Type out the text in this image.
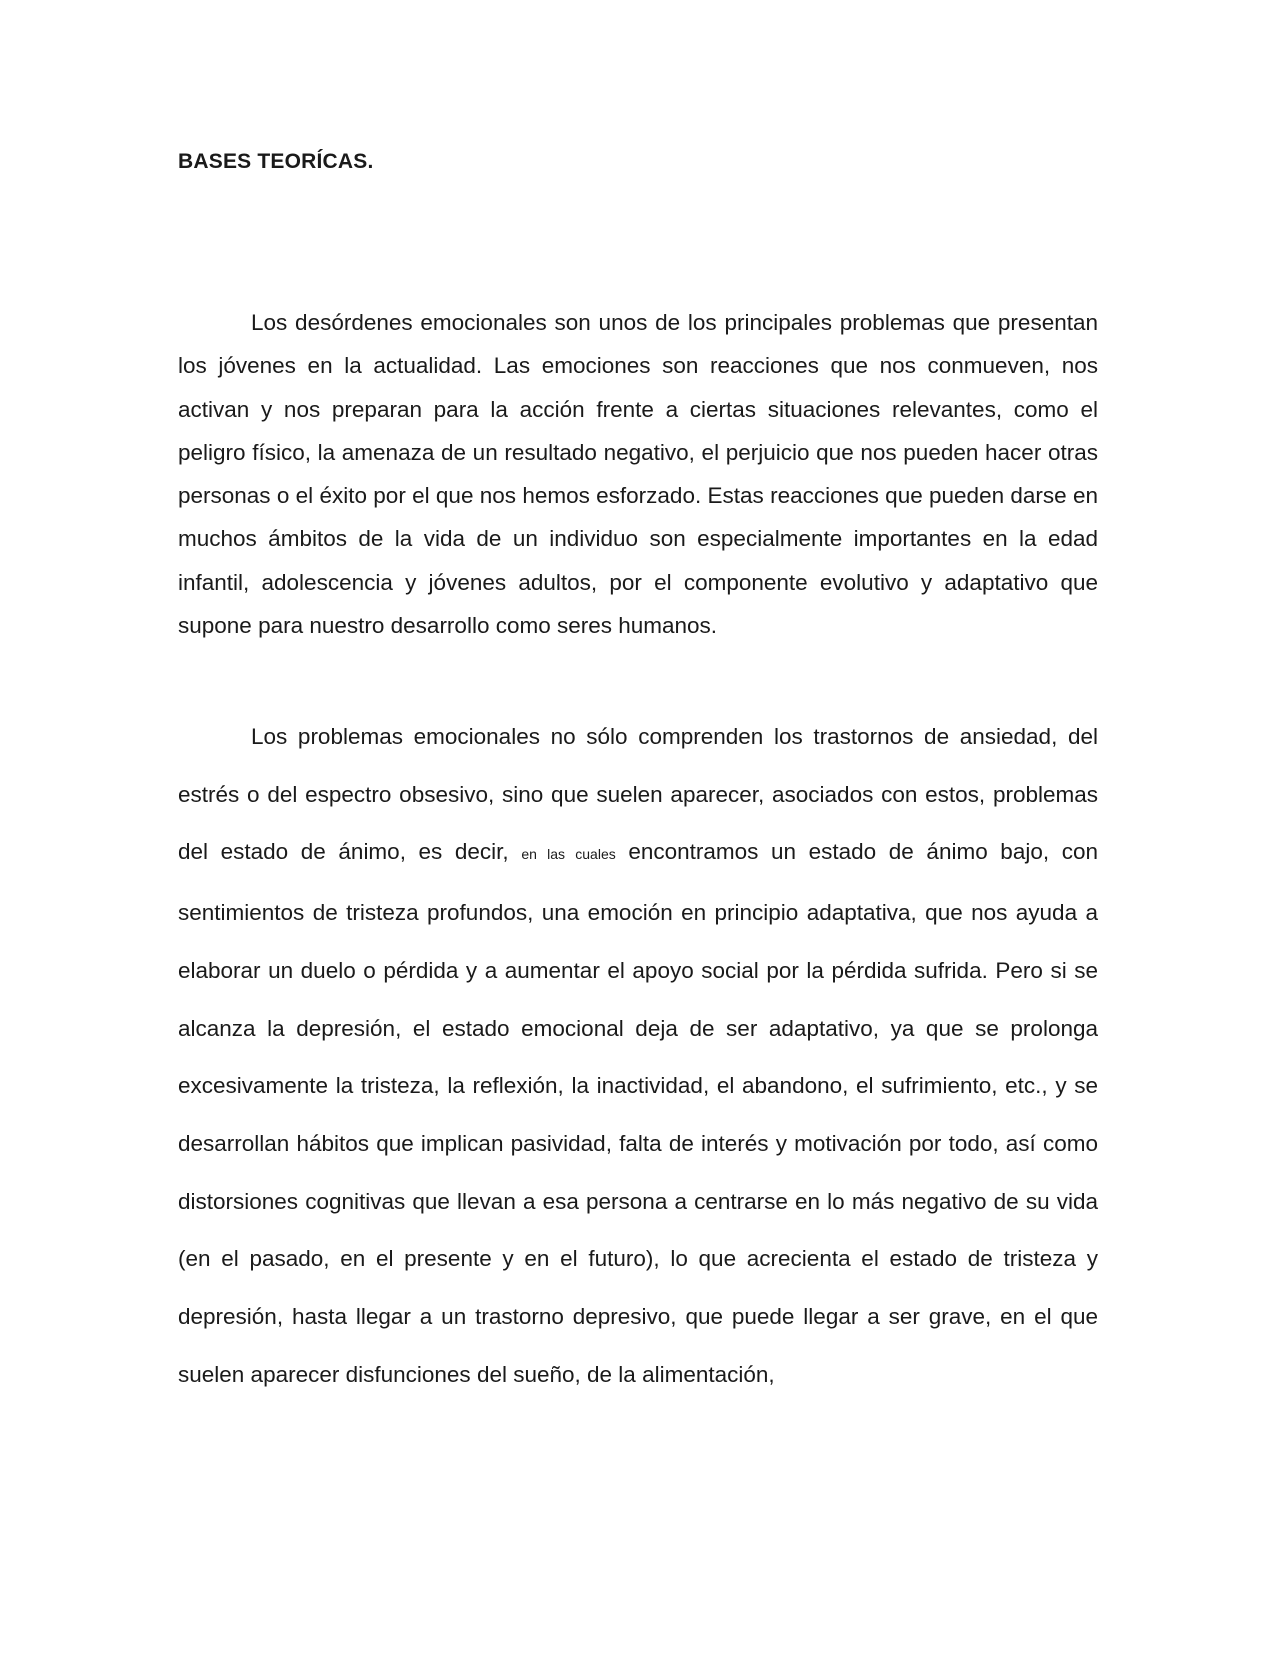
BASES TEORÍCAS.

Los desórdenes emocionales son unos de los principales problemas que presentan los jóvenes en la actualidad. Las emociones son reacciones que nos conmueven, nos activan y nos preparan para la acción frente a ciertas situaciones relevantes, como el peligro físico, la amenaza de un resultado negativo, el perjuicio que nos pueden hacer otras personas o el éxito por el que nos hemos esforzado. Estas reacciones que pueden darse en muchos ámbitos de la vida de un individuo son especialmente importantes en la edad infantil, adolescencia y jóvenes adultos, por el componente evolutivo y adaptativo que supone para nuestro desarrollo como seres humanos.

Los problemas emocionales no sólo comprenden los trastornos de ansiedad, del estrés o del espectro obsesivo, sino que suelen aparecer, asociados con estos, problemas del estado de ánimo, es decir, en las cuales encontramos un estado de ánimo bajo, con sentimientos de tristeza profundos, una emoción en principio adaptativa, que nos ayuda a elaborar un duelo o pérdida y a aumentar el apoyo social por la pérdida sufrida. Pero si se alcanza la depresión, el estado emocional deja de ser adaptativo, ya que se prolonga excesivamente la tristeza, la reflexión, la inactividad, el abandono, el sufrimiento, etc., y se desarrollan hábitos que implican pasividad, falta de interés y motivación por todo, así como distorsiones cognitivas que llevan a esa persona a centrarse en lo más negativo de su vida (en el pasado, en el presente y en el futuro), lo que acrecienta el estado de tristeza y depresión, hasta llegar a un trastorno depresivo, que puede llegar a ser grave, en el que suelen aparecer disfunciones del sueño, de la alimentación,
